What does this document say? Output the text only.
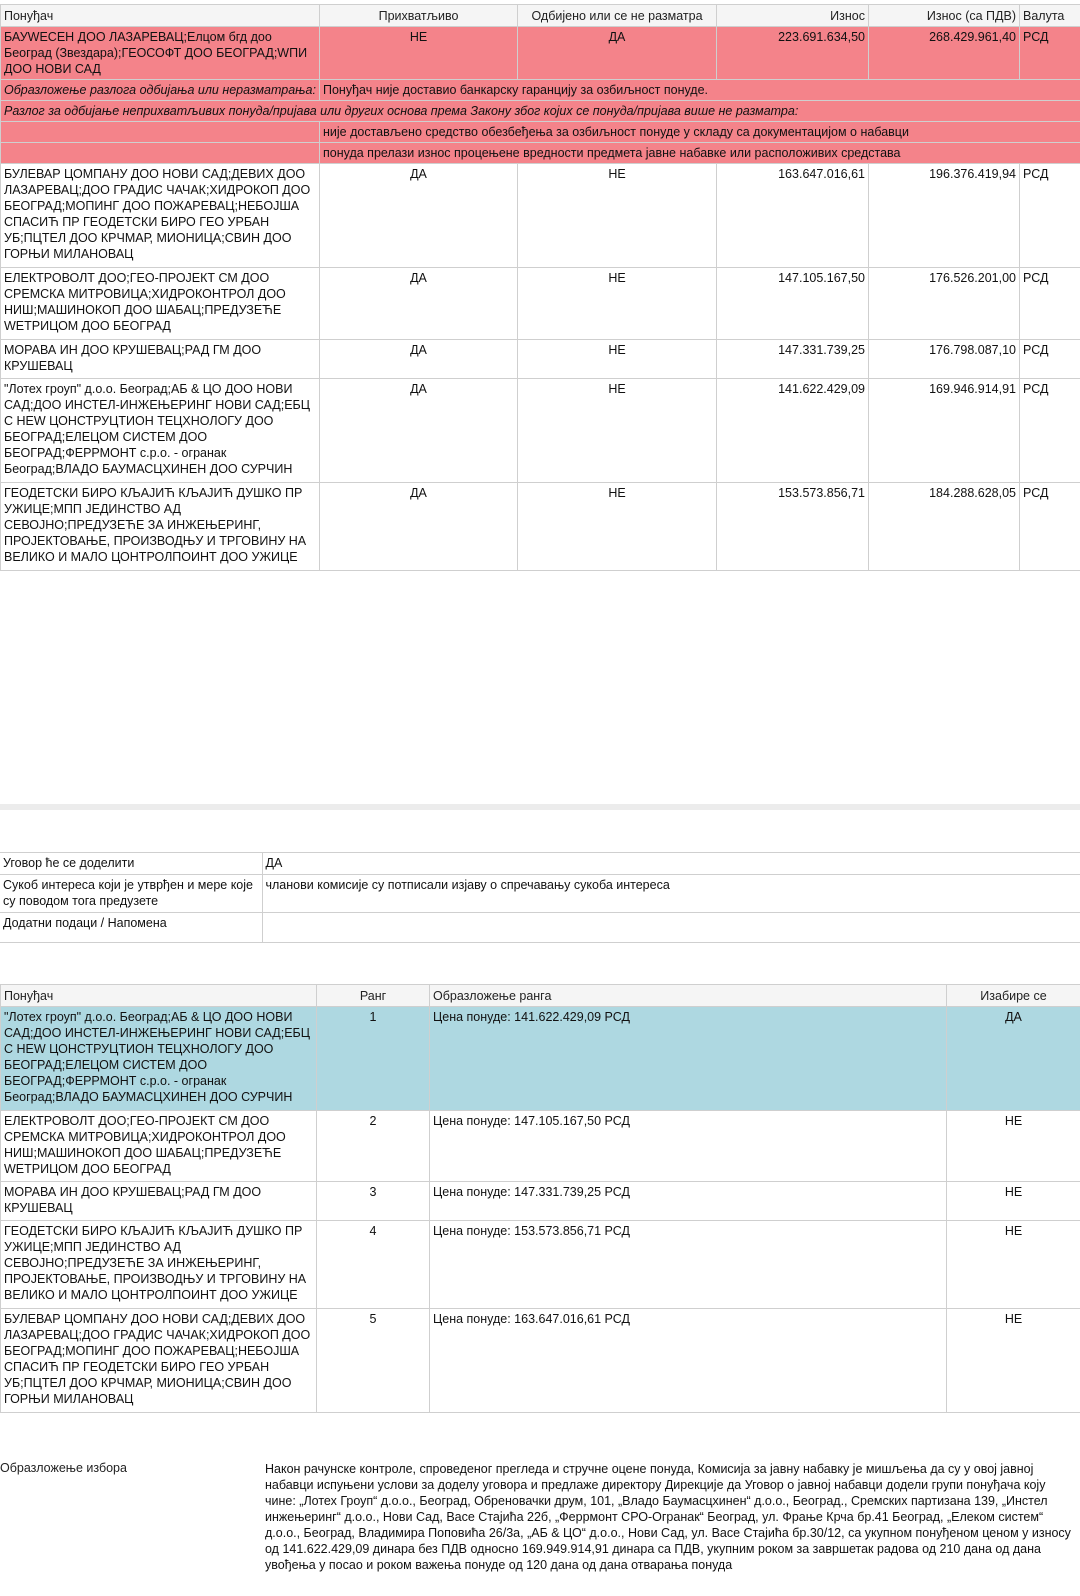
Понуђач	Прихватљиво	Одбијено или се не разматра	Износ	Износ (са ПДВ)	Валута
БАУWЕСЕН ДОО ЛАЗАРЕВАЦ;Елцом бгд доо Београд (Звездара);ГЕОСОФТ ДОО БЕОГРАД;WПИ ДОО НОВИ САД	НЕ	ДА	223.691.634,50	268.429.961,40	РСД
Образложење разлога одбијања или неразматрања:	Понуђач није доставио банкарску гаранцију за озбиљност понуде.				
Разлог за одбијање неприхватљивих понуда/пријава или других основа према Закону због којих се понуда/пријава више не разматра:					
	није достављено средство обезбеђења за озбиљност понуде у складу са документацијом о набавци				
	понуда прелази износ процењене вредности предмета јавне набавке или расположивих средстава				
БУЛЕВАР ЦОМПАНУ ДОО НОВИ САД;ДЕВИХ ДОО ЛАЗАРЕВАЦ;ДОО ГРАДИС ЧАЧАК;ХИДРОКОП ДОО БЕОГРАД;МОПИНГ ДОО ПОЖАРЕВАЦ;НЕБОЈША СПАСИЋ ПР ГЕОДЕТСКИ БИРО ГЕО УРБАН УБ;ПЦТЕЛ ДОО КРЧМАР, МИОНИЦА;СВИН ДОО ГОРЊИ МИЛАНОВАЦ	ДА	НЕ	163.647.016,61	196.376.419,94	РСД
ЕЛЕКТРОВОЛТ ДОО;ГЕО-ПРОЈЕКТ СМ ДОО СРЕМСКА МИТРОВИЦА;ХИДРОКОНТРОЛ ДОО НИШ;МАШИНОКОП ДОО ШАБАЦ;ПРЕДУЗЕЋЕ WЕТРИЦОМ ДОО БЕОГРАД	ДА	НЕ	147.105.167,50	176.526.201,00	РСД
МОРАВА ИН ДОО КРУШЕВАЦ;РАД ГМ ДОО КРУШЕВАЦ	ДА	НЕ	147.331.739,25	176.798.087,10	РСД
"Лотех гроуп" д.о.о. Београд;АБ & ЦО ДОО НОВИ САД;ДОО ИНСТЕЛ-ИНЖЕЊЕРИНГ НОВИ САД;ЕБЦ С НЕW ЦОНСТРУЦТИОН ТЕЦХНОЛОГУ ДОО БЕОГРАД;ЕЛЕЦОМ СИСТЕМ ДОО БЕОГРАД;ФЕРРМОНТ с.р.о. - огранак Београд;ВЛАДО БАУМАСЦХИНЕН ДОО СУРЧИН	ДА	НЕ	141.622.429,09	169.946.914,91	РСД
ГЕОДЕТСКИ БИРО КЉАЈИЋ КЉАЈИЋ ДУШКО ПР УЖИЦЕ;МПП ЈЕДИНСТВО АД СЕВОЈНО;ПРЕДУЗЕЋЕ ЗА ИНЖЕЊЕРИНГ, ПРОЈЕКТОВАЊЕ, ПРОИЗВОДЊУ И ТРГОВИНУ НА ВЕЛИКО И МАЛО ЦОНТРОЛПОИНТ ДОО УЖИЦЕ	ДА	НЕ	153.573.856,71	184.288.628,05	РСД
Уговор ће се доделити	ДА
Сукоб интереса који је утврђен и мере које су поводом тога предузете	чланови комисије су потписали изјаву о спречавању сукоба интереса
Додатни подаци / Напомена	
Понуђач	Ранг	Образложење ранга	Изабире се
"Лотех гроуп" д.о.о. Београд;АБ & ЦО ДОО НОВИ САД;ДОО ИНСТЕЛ-ИНЖЕЊЕРИНГ НОВИ САД;ЕБЦ С НЕW ЦОНСТРУЦТИОН ТЕЦХНОЛОГУ ДОО БЕОГРАД;ЕЛЕЦОМ СИСТЕМ ДОО БЕОГРАД;ФЕРРМОНТ с.р.о. - огранак Београд;ВЛАДО БАУМАСЦХИНЕН ДОО СУРЧИН	1	Цена понуде: 141.622.429,09 РСД	ДА
ЕЛЕКТРОВОЛТ ДОО;ГЕО-ПРОЈЕКТ СМ ДОО СРЕМСКА МИТРОВИЦА;ХИДРОКОНТРОЛ ДОО НИШ;МАШИНОКОП ДОО ШАБАЦ;ПРЕДУЗЕЋЕ WЕТРИЦОМ ДОО БЕОГРАД	2	Цена понуде: 147.105.167,50 РСД	НЕ
МОРАВА ИН ДОО КРУШЕВАЦ;РАД ГМ ДОО КРУШЕВАЦ	3	Цена понуде: 147.331.739,25 РСД	НЕ
ГЕОДЕТСКИ БИРО КЉАЈИЋ КЉАЈИЋ ДУШКО ПР УЖИЦЕ;МПП ЈЕДИНСТВО АД СЕВОЈНО;ПРЕДУЗЕЋЕ ЗА ИНЖЕЊЕРИНГ, ПРОЈЕКТОВАЊЕ, ПРОИЗВОДЊУ И ТРГОВИНУ НА ВЕЛИКО И МАЛО ЦОНТРОЛПОИНТ ДОО УЖИЦЕ	4	Цена понуде: 153.573.856,71 РСД	НЕ
БУЛЕВАР ЦОМПАНУ ДОО НОВИ САД;ДЕВИХ ДОО ЛАЗАРЕВАЦ;ДОО ГРАДИС ЧАЧАК;ХИДРОКОП ДОО БЕОГРАД;МОПИНГ ДОО ПОЖАРЕВАЦ;НЕБОЈША СПАСИЋ ПР ГЕОДЕТСКИ БИРО ГЕО УРБАН УБ;ПЦТЕЛ ДОО КРЧМАР, МИОНИЦА;СВИН ДОО ГОРЊИ МИЛАНОВАЦ	5	Цена понуде: 163.647.016,61 РСД	НЕ
Образложење избора	Након рачунске контроле, спроведеног прегледа и стручне оцене понуда, Комисија за јавну набавку је мишљења да су у овој јавној набавци испуњени услови за доделу уговора и предлаже директору Дирекције да Уговор о јавној набавци додели групи понуђача коју чине: „Лотех Гроуп“ д.о.о., Београд, Обреновачки друм, 101, „Владо Баумасцхинен“ д.о.о., Београд., Сремских партизана 139, „Инстел инжењеринг“ д.о.о., Нови Сад, Васе Стајића 22б, „Феррмонт СРО-Огранак“ Београд, ул. Фрање Крча бр.41 Београд, „Елеком систем“ д.о.о., Београд, Владимира Поповића 26/3а, „АБ & ЦО“ д.о.о., Нови Сад, ул. Васе Стајића бр.30/12, са укупном понуђеном ценом у износу од 141.622.429,09 динара без ПДВ односно 169.949.914,91 динара са ПДВ, укупним роком за завршетак радова од 210 дана од дана увођења у посао и роком важења понуде од 120 дана од дана отварања понуда
